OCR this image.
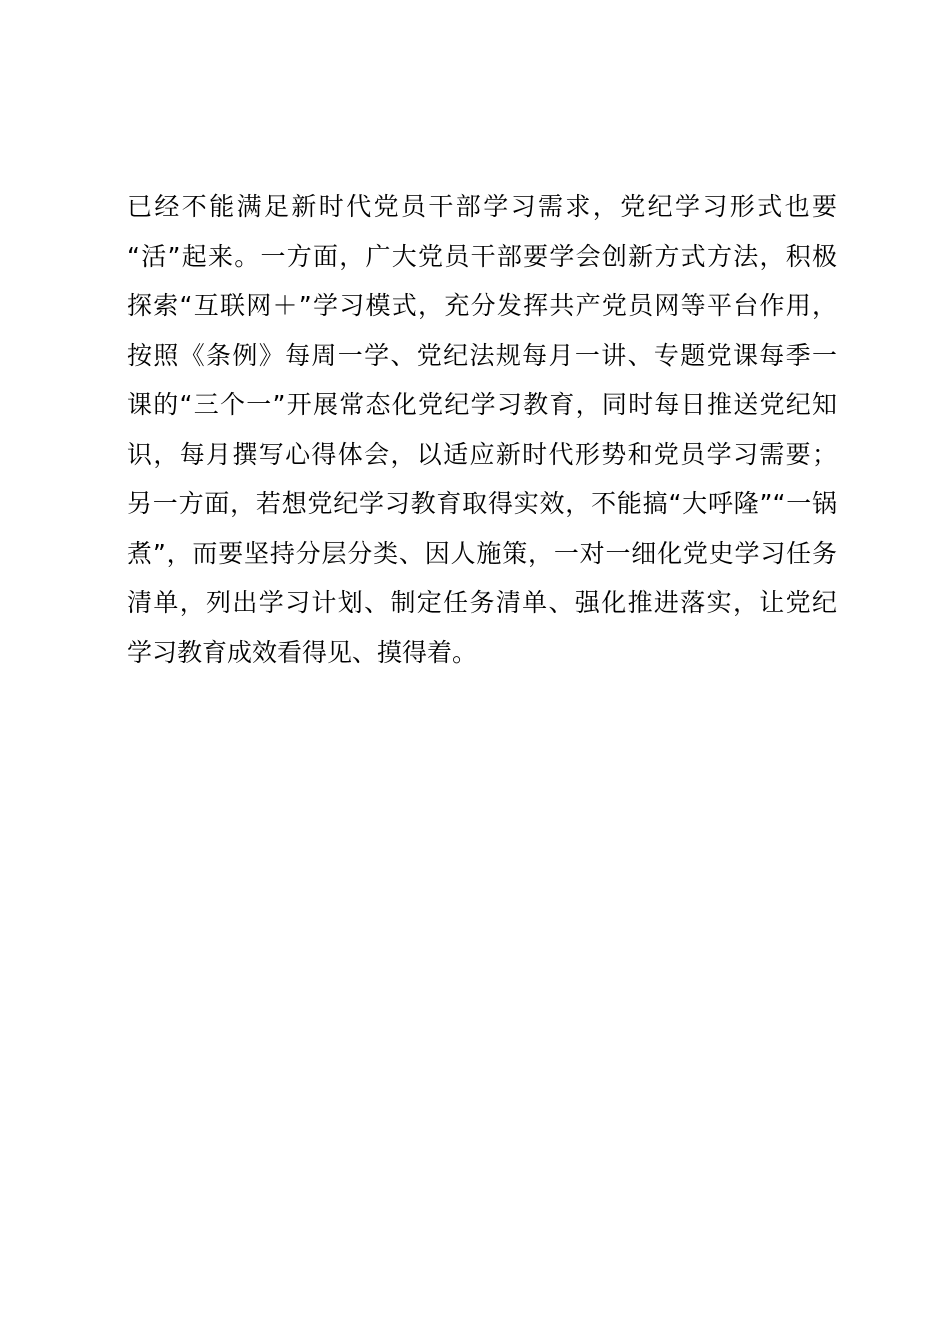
已经不能满足新时代党员干部学习需求，党纪学习形式也要
“活”起来。一方面，广大党员干部要学会创新方式方法，积极
探索“互联网＋”学习模式，充分发挥共产党员网等平台作用，
按照《条例》每周一学、党纪法规每月一讲、专题党课每季一
课的“三个一”开展常态化党纪学习教育，同时每日推送党纪知
识，每月撰写心得体会，以适应新时代形势和党员学习需要；
另一方面，若想党纪学习教育取得实效，不能搞“大呼隆”“一锅
煮”，而要坚持分层分类、因人施策，一对一细化党史学习任务
清单，列出学习计划、制定任务清单、强化推进落实，让党纪
学习教育成效看得见、摸得着。
